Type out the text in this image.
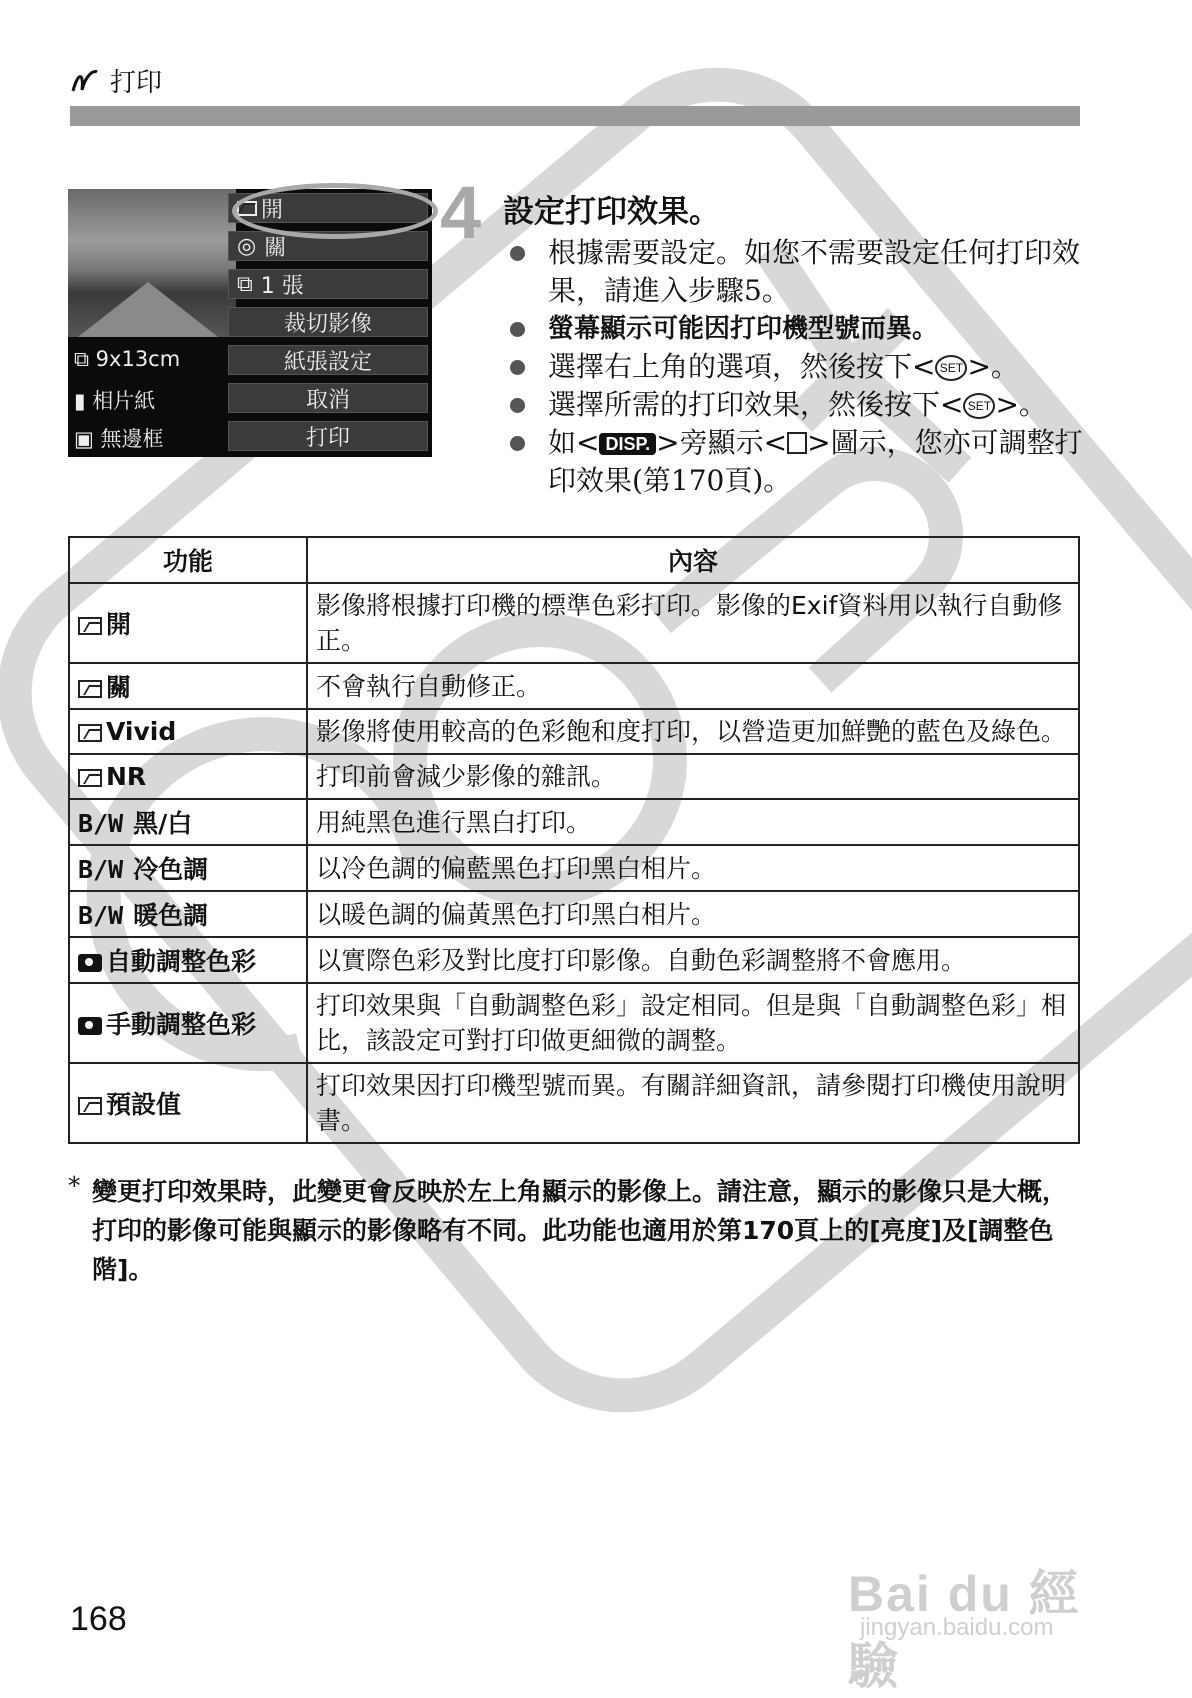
打印
開
◎ 關
⧉ 1 張
裁切影像
紙張設定
取消
打印
⧉ 9x13cm
▮ 相片紙
▣ 無邊框
4 設定打印效果。
根據需要設定。如您不需要設定任何打印效果，請進入步驟5。
螢幕顯示可能因打印機型號而異。
選擇右上角的選項，然後按下< SET >。
選擇所需的打印效果，然後按下< SET >。
如< DISP. >旁顯示< >圖示，您亦可調整打印效果(第170頁)。
功能	內容
開	影像將根據打印機的標準色彩打印。影像的Exif資料用以執行自動修正。
關	不會執行自動修正。
Vivid	影像將使用較高的色彩飽和度打印，以營造更加鮮艷的藍色及綠色。
NR	打印前會減少影像的雜訊。
B/W 黑/白	用純黑色進行黑白打印。
B/W 冷色調	以冷色調的偏藍黑色打印黑白相片。
B/W 暖色調	以暖色調的偏黃黑色打印黑白相片。
自動調整色彩	以實際色彩及對比度打印影像。自動色彩調整將不會應用。
手動調整色彩	打印效果與「自動調整色彩」設定相同。但是與「自動調整色彩」相比，該設定可對打印做更細微的調整。
預設值	打印效果因打印機型號而異。有關詳細資訊，請參閱打印機使用說明書。
* 變更打印效果時，此變更會反映於左上角顯示的影像上。請注意，顯示的影像只是大概，打印的影像可能與顯示的影像略有不同。此功能也適用於第170頁上的[亮度]及[調整色階]。
168	Bai du 經驗
jingyan.baidu.com
